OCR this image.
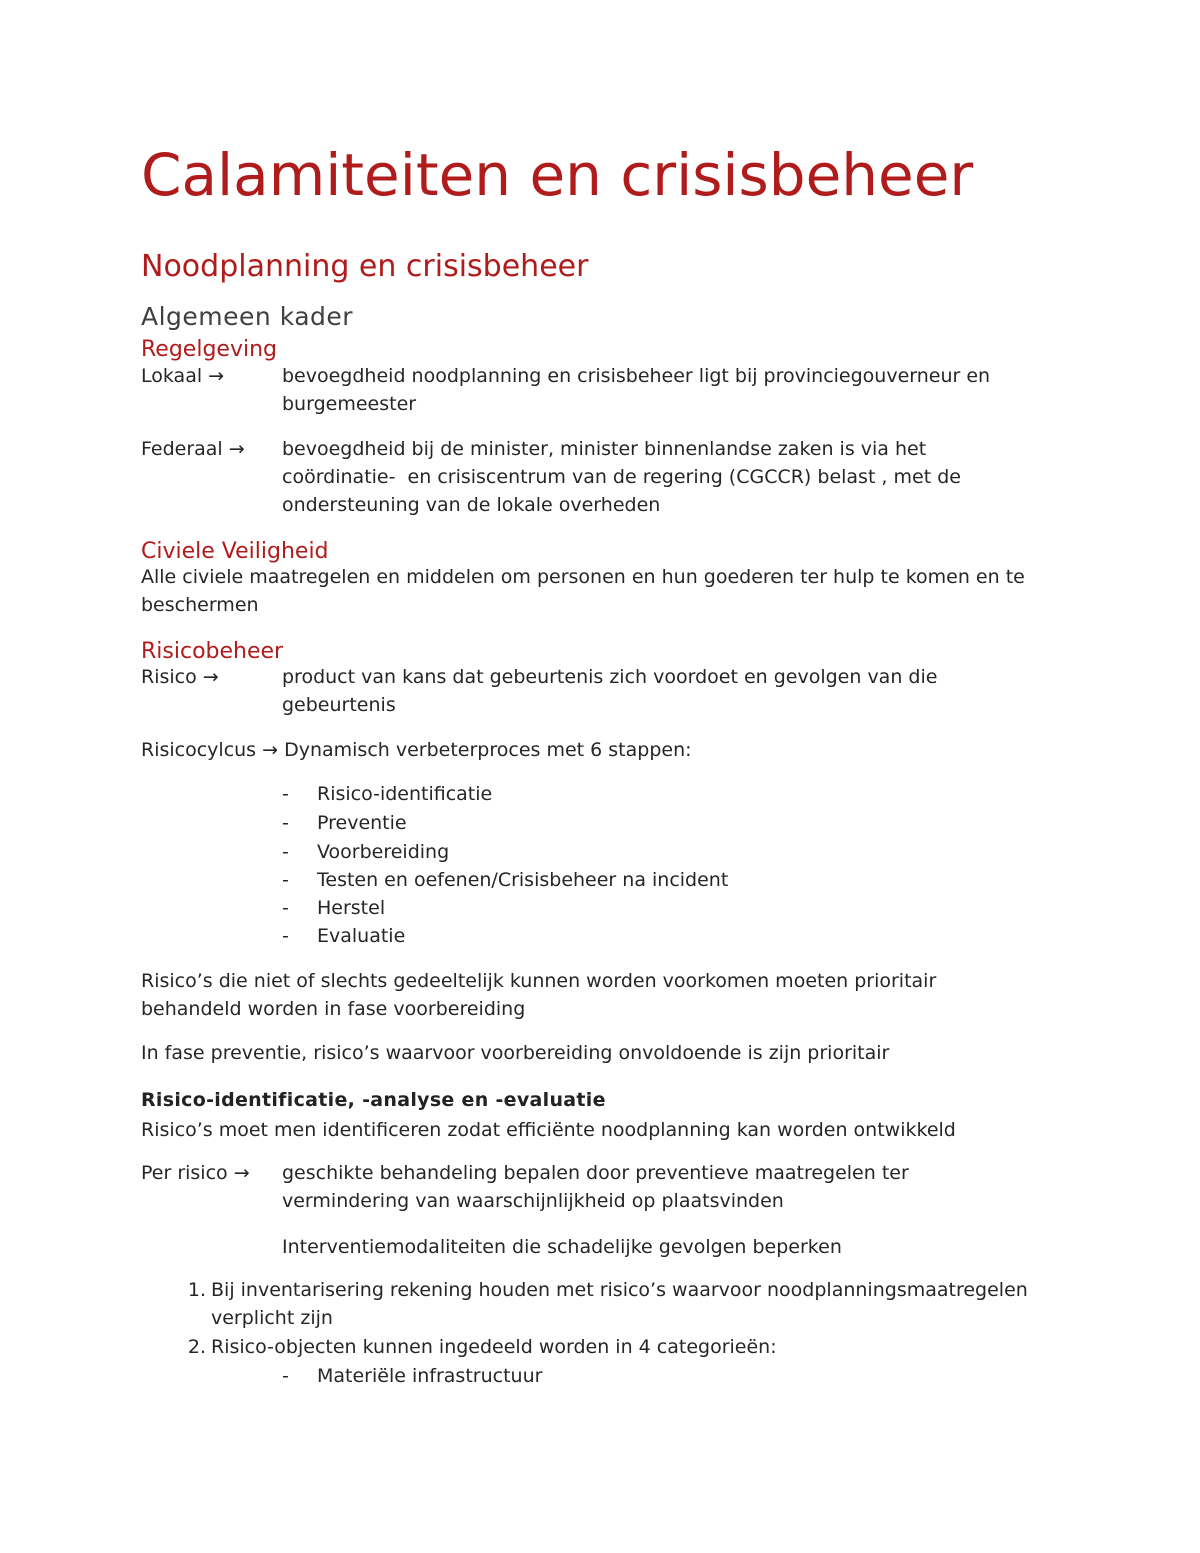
Calamiteiten en crisisbeheer
Noodplanning en crisisbeheer
Algemeen kader
Regelgeving
Lokaal →	bevoegdheid noodplanning en crisisbeheer ligt bij provinciegouverneur en burgemeester
Federaal → bevoegdheid bij de minister, minister binnenlandse zaken is via het coördinatie-  en crisiscentrum van de regering (CGCCR) belast , met de ondersteuning van de lokale overheden
Civiele Veiligheid
Alle civiele maatregelen en middelen om personen en hun goederen ter hulp te komen en te beschermen
Risicobeheer
Risico →	product van kans dat gebeurtenis zich voordoet en gevolgen van die gebeurtenis
Risicocylcus → Dynamisch verbeterproces met 6 stappen:
-	Risico-identificatie
-	Preventie
-	Voorbereiding
-	Testen en oefenen/Crisisbeheer na incident
-	Herstel
-	Evaluatie
Risico’s die niet of slechts gedeeltelijk kunnen worden voorkomen moeten prioritair behandeld worden in fase voorbereiding
In fase preventie, risico’s waarvoor voorbereiding onvoldoende is zijn prioritair
Risico-identificatie, -analyse en -evaluatie
Risico’s moet men identificeren zodat efficiënte noodplanning kan worden ontwikkeld
Per risico → geschikte behandeling bepalen door preventieve maatregelen ter vermindering van waarschijnlijkheid op plaatsvinden
Interventiemodaliteiten die schadelijke gevolgen beperken
1. Bij inventarisering rekening houden met risico’s waarvoor noodplanningsmaatregelen verplicht zijn
2. Risico-objecten kunnen ingedeeld worden in 4 categorieën:
-	Materiële infrastructuur
